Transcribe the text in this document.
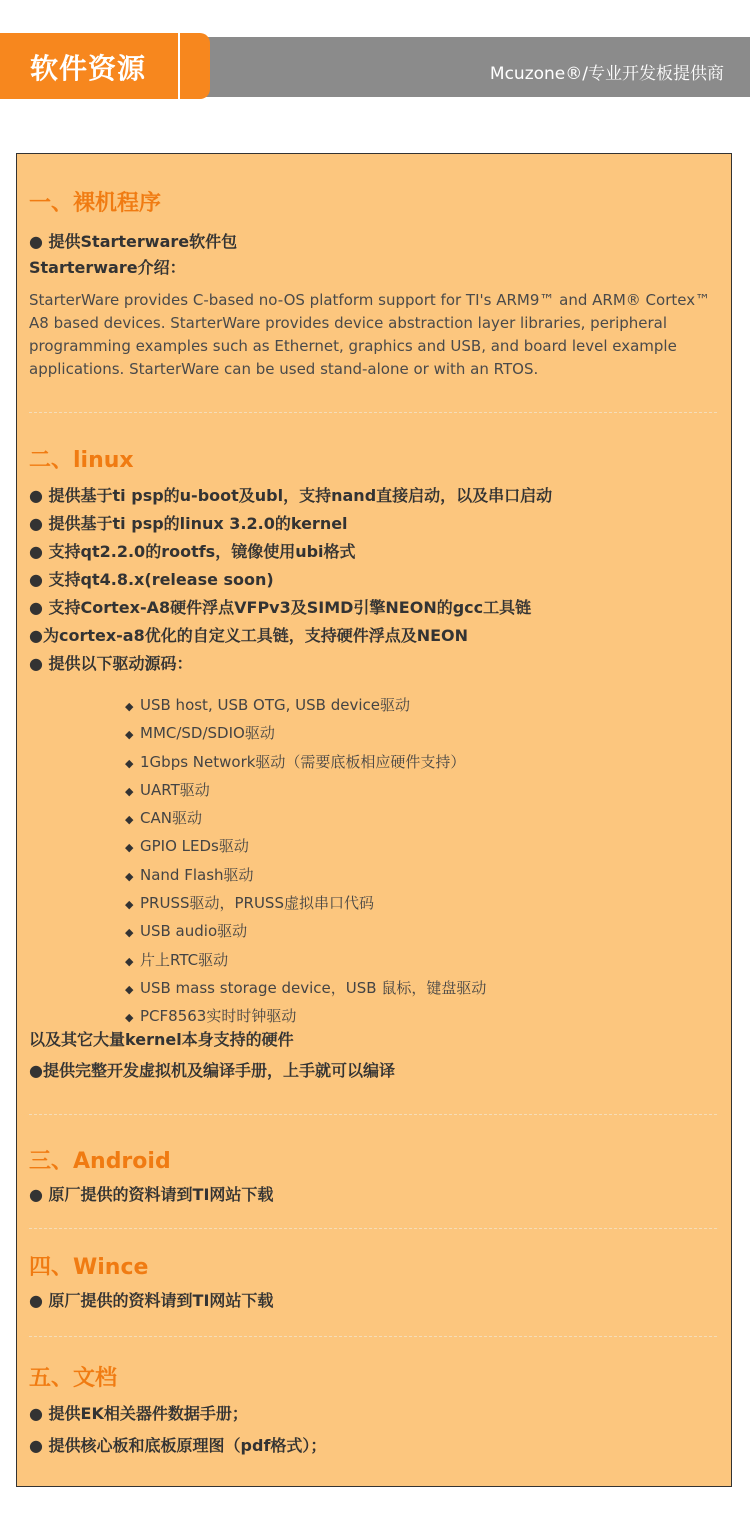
Mcuzone®/专业开发板提供商
软件资源
一、裸机程序

● 提供Starterware软件包

Starterware介绍：

StarterWare provides C-based no-OS platform support for TI's ARM9™ and ARM® Cortex™ A8 based devices. StarterWare provides device abstraction layer libraries, peripheral programming examples such as Ethernet, graphics and USB, and board level example applications. StarterWare can be used stand-alone or with an RTOS.

二、linux

● 提供基于ti psp的u-boot及ubl，支持nand直接启动，以及串口启动

● 提供基于ti psp的linux 3.2.0的kernel

● 支持qt2.2.0的rootfs，镜像使用ubi格式

● 支持qt4.8.x(release soon)

● 支持Cortex-A8硬件浮点VFPv3及SIMD引擎NEON的gcc工具链

●为cortex-a8优化的自定义工具链，支持硬件浮点及NEON

● 提供以下驱动源码：

◆ USB host, USB OTG, USB device驱动
◆ MMC/SD/SDIO驱动
◆ 1Gbps Network驱动（需要底板相应硬件支持）
◆ UART驱动
◆ CAN驱动
◆ GPIO LEDs驱动
◆ Nand Flash驱动
◆ PRUSS驱动，PRUSS虚拟串口代码
◆ USB audio驱动
◆ 片上RTC驱动
◆ USB mass storage device，USB 鼠标，键盘驱动
◆ PCF8563实时时钟驱动

以及其它大量kernel本身支持的硬件

●提供完整开发虚拟机及编译手册，上手就可以编译

三、Android

● 原厂提供的资料请到TI网站下载

四、Wince

● 原厂提供的资料请到TI网站下载

五、文档

● 提供EK相关器件数据手册；

● 提供核心板和底板原理图（pdf格式）；
